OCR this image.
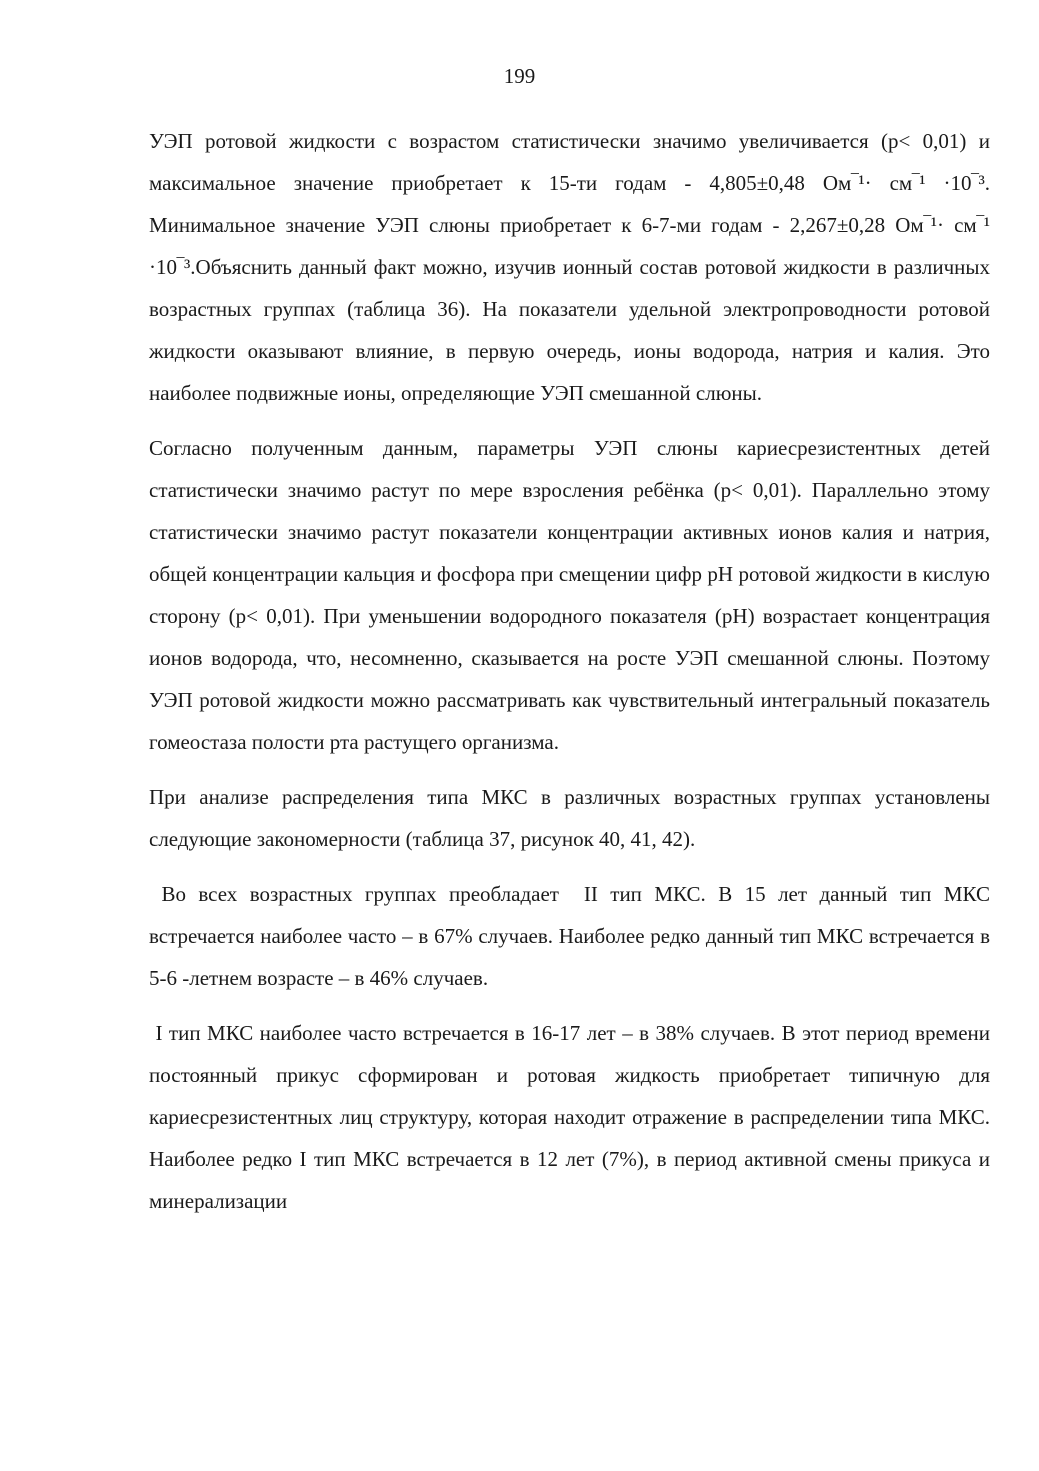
199

УЭП ротовой жидкости с возрастом статистически значимо увеличивается (р< 0,01) и максимальное значение приобретает к 15-ти годам - 4,805±0,48 Ом‾¹· см‾¹ ·10‾³. Минимальное значение УЭП слюны приобретает к 6-7-ми годам - 2,267±0,28 Ом‾¹· см‾¹ ·10‾³.Объяснить данный факт можно, изучив ионный состав ротовой жидкости в различных возрастных группах (таблица 36). На показатели удельной электропроводности ротовой жидкости оказывают влияние, в первую очередь, ионы водорода, натрия и калия. Это наиболее подвижные ионы, определяющие УЭП смешанной слюны.

Согласно полученным данным, параметры УЭП слюны кариесрезистентных детей статистически значимо растут по мере взросления ребёнка (р< 0,01). Параллельно этому статистически значимо растут показатели концентрации активных ионов калия и натрия, общей концентрации кальция и фосфора при смещении цифр рН ротовой жидкости в кислую сторону (р< 0,01). При уменьшении водородного показателя (рН) возрастает концентрация ионов водорода, что, несомненно, сказывается на росте УЭП смешанной слюны. Поэтому УЭП ротовой жидкости можно рассматривать как чувствительный интегральный показатель гомеостаза полости рта растущего организма.

При анализе распределения типа МКС в различных возрастных группах установлены следующие закономерности (таблица 37, рисунок 40, 41, 42).

Во всех возрастных группах преобладает  II тип МКС. В 15 лет данный тип МКС встречается наиболее часто – в 67% случаев. Наиболее редко данный тип МКС встречается в 5-6 -летнем возрасте – в 46% случаев.

I тип МКС наиболее часто встречается в 16-17 лет – в 38% случаев. В этот период времени постоянный прикус сформирован и ротовая жидкость приобретает типичную для кариесрезистентных лиц структуру, которая находит отражение в распределении типа МКС. Наиболее редко I тип МКС встречается в 12 лет (7%), в период активной смены прикуса и минерализации
